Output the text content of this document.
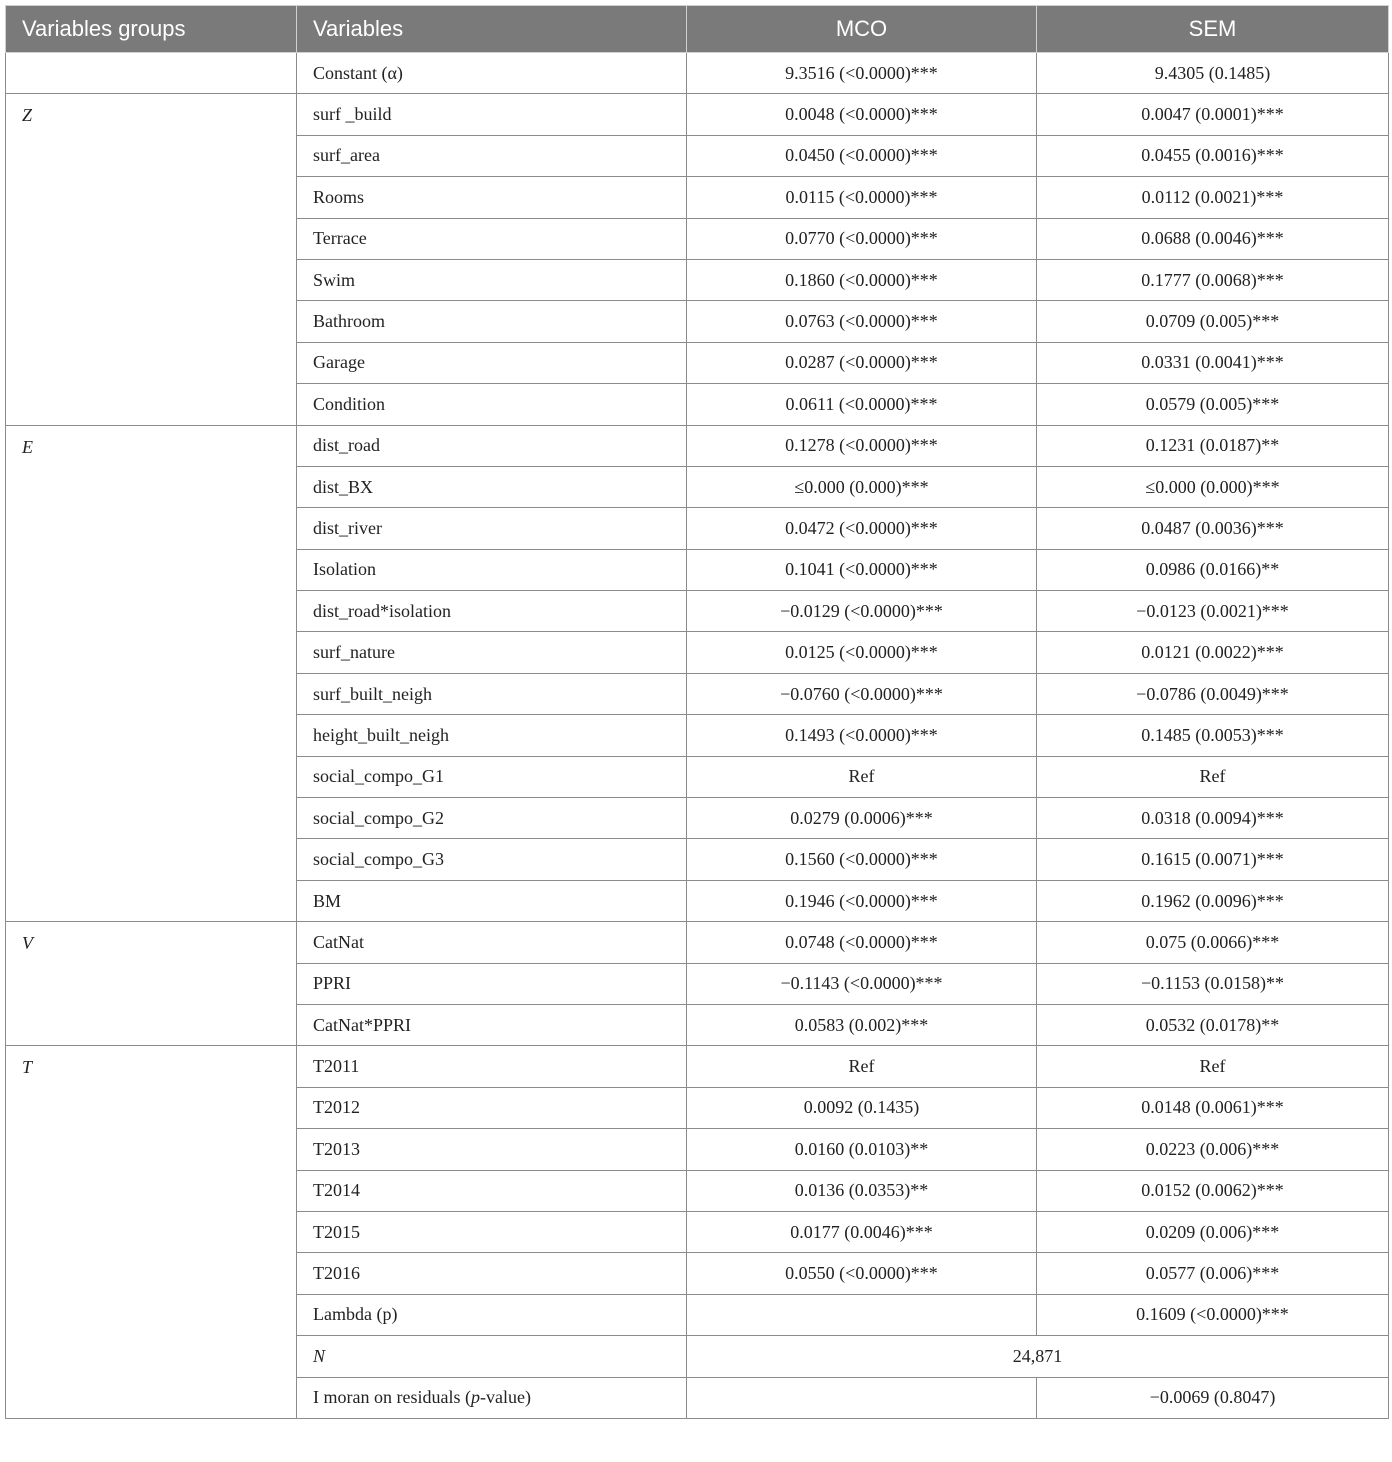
Variables groups	Variables	MCO	SEM
	Constant (α)	9.3516 (<0.0000)***	9.4305 (0.1485)
Z	surf _build	0.0048 (<0.0000)***	0.0047 (0.0001)***
	surf_area	0.0450 (<0.0000)***	0.0455 (0.0016)***
	Rooms	0.0115 (<0.0000)***	0.0112 (0.0021)***
	Terrace	0.0770 (<0.0000)***	0.0688 (0.0046)***
	Swim	0.1860 (<0.0000)***	0.1777 (0.0068)***
	Bathroom	0.0763 (<0.0000)***	0.0709 (0.005)***
	Garage	0.0287 (<0.0000)***	0.0331 (0.0041)***
	Condition	0.0611 (<0.0000)***	0.0579 (0.005)***
E	dist_road	0.1278 (<0.0000)***	0.1231 (0.0187)**
	dist_BX	≤0.000 (0.000)***	≤0.000 (0.000)***
	dist_river	0.0472 (<0.0000)***	0.0487 (0.0036)***
	Isolation	0.1041 (<0.0000)***	0.0986 (0.0166)**
	dist_road*isolation	−0.0129 (<0.0000)***	−0.0123 (0.0021)***
	surf_nature	0.0125 (<0.0000)***	0.0121 (0.0022)***
	surf_built_neigh	−0.0760 (<0.0000)***	−0.0786 (0.0049)***
	height_built_neigh	0.1493 (<0.0000)***	0.1485 (0.0053)***
	social_compo_G1	Ref	Ref
	social_compo_G2	0.0279 (0.0006)***	0.0318 (0.0094)***
	social_compo_G3	0.1560 (<0.0000)***	0.1615 (0.0071)***
	BM	0.1946 (<0.0000)***	0.1962 (0.0096)***
V	CatNat	0.0748 (<0.0000)***	0.075 (0.0066)***
	PPRI	−0.1143 (<0.0000)***	−0.1153 (0.0158)**
	CatNat*PPRI	0.0583 (0.002)***	0.0532 (0.0178)**
T	T2011	Ref	Ref
	T2012	0.0092 (0.1435)	0.0148 (0.0061)***
	T2013	0.0160 (0.0103)**	0.0223 (0.006)***
	T2014	0.0136 (0.0353)**	0.0152 (0.0062)***
	T2015	0.0177 (0.0046)***	0.0209 (0.006)***
	T2016	0.0550 (<0.0000)***	0.0577 (0.006)***
	Lambda (p)		0.1609 (<0.0000)***
	N	24,871	
	I moran on residuals (p-value)		−0.0069 (0.8047)
